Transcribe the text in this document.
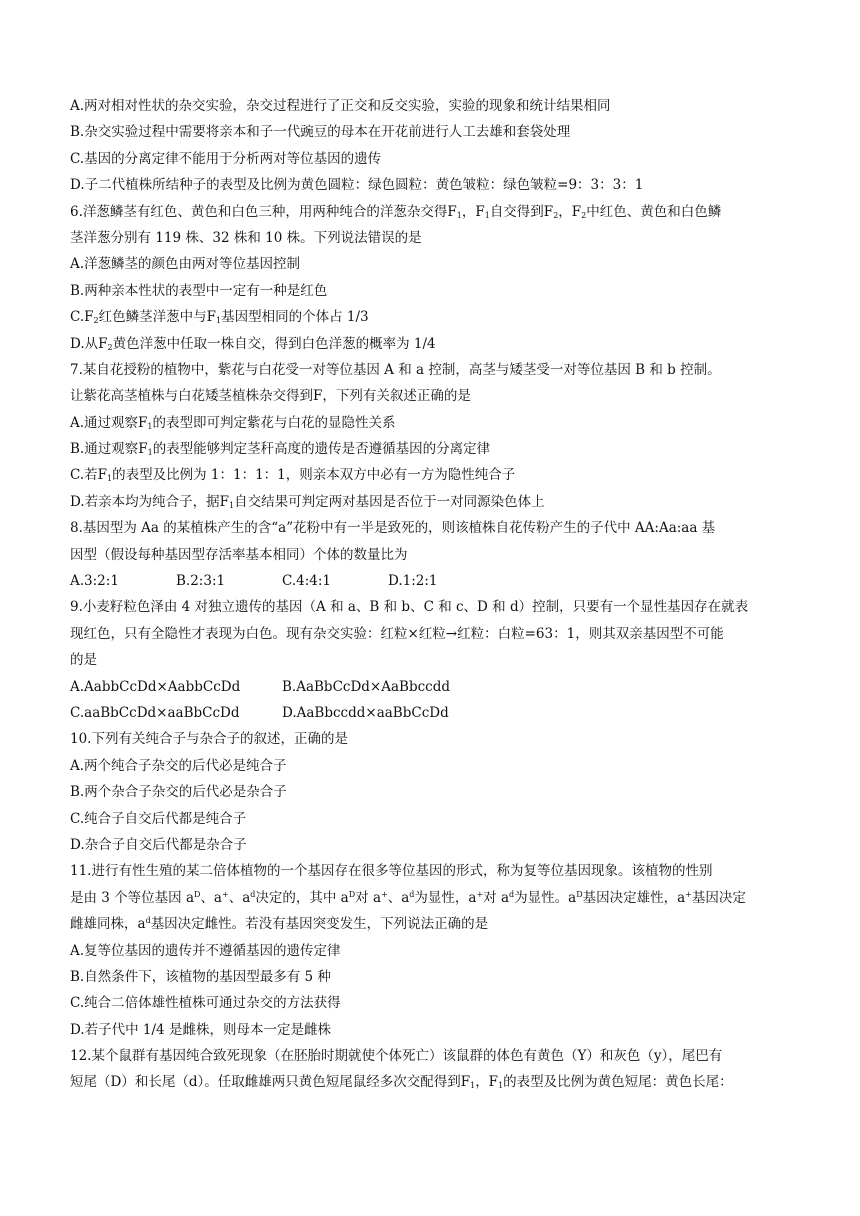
A.两对相对性状的杂交实验，杂交过程进行了正交和反交实验，实验的现象和统计结果相同
B.杂交实验过程中需要将亲本和子一代豌豆的母本在开花前进行人工去雄和套袋处理
C.基因的分离定律不能用于分析两对等位基因的遗传
D.子二代植株所结种子的表型及比例为黄色圆粒：绿色圆粒：黄色皱粒：绿色皱粒=9：3：3：1
6.洋葱鳞茎有红色、黄色和白色三种，用两种纯合的洋葱杂交得$F_1$，$F_1$自交得到$F_2$，$F_2$中红色、黄色和白色鳞
茎洋葱分别有 119 株、32 株和 10 株。下列说法错误的是
A.洋葱鳞茎的颜色由两对等位基因控制
B.两种亲本性状的表型中一定有一种是红色
$C.F_2$红色鳞茎洋葱中与$F_1$基因型相同的个体占 1/3
D.从$F_2$黄色洋葱中任取一株自交，得到白色洋葱的概率为 1/4
7.某自花授粉的植物中，紫花与白花受一对等位基因 A 和 a 控制，高茎与矮茎受一对等位基因 B 和 b 控制。
让紫花高茎植株与白花矮茎植株杂交得到F，下列有关叙述正确的是
A.通过观察$F_1$的表型即可判定紫花与白花的显隐性关系
B.通过观察$F_1$的表型能够判定茎秆高度的遗传是否遵循基因的分离定律
C.若$F_1$的表型及比例为 1：1：1：1，则亲本双方中必有一方为隐性纯合子
D.若亲本均为纯合子，据$F_1$自交结果可判定两对基因是否位于一对同源染色体上
8.基因型为 Aa 的某植株产生的含“a”花粉中有一半是致死的，则该植株自花传粉产生的子代中 AA:Aa:aa 基
因型（假设每种基因型存活率基本相同）个体的数量比为
A.3:2:1	B.2:3:1	C.4:4:1	D.1:2:1
9.小麦籽粒色泽由 4 对独立遗传的基因（A 和 a、B 和 b、C 和 c、D 和 d）控制，只要有一个显性基因存在就表
现红色，只有全隐性才表现为白色。现有杂交实验：红粒×红粒→红粒：白粒=63：1，则其双亲基因型不可能
的是
A.AabbCcDd×AabbCcDd	B.AaBbCcDd×AaBbccdd
C.aaBbCcDd×aaBbCcDd	D.AaBbccdd×aaBbCcDd
10.下列有关纯合子与杂合子的叙述，正确的是
A.两个纯合子杂交的后代必是纯合子
B.两个杂合子杂交的后代必是杂合子
C.纯合子自交后代都是纯合子
D.杂合子自交后代都是杂合子
11.进行有性生殖的某二倍体植物的一个基因存在很多等位基因的形式，称为复等位基因现象。该植物的性别
是由 3 个等位基因 $a^D$、a+、$a^d$决定的，其中 $a^D$对 a+、$a^d$为显性，a+对 $a^d$为显性。$a^D$基因决定雄性，a+基因决定
雌雄同株，$a^d$基因决定雌性。若没有基因突变发生，下列说法正确的是
A.复等位基因的遗传并不遵循基因的遗传定律
B.自然条件下，该植物的基因型最多有 5 种
C.纯合二倍体雄性植株可通过杂交的方法获得
D.若子代中 1/4 是雌株，则母本一定是雌株
12.某个鼠群有基因纯合致死现象（在胚胎时期就使个体死亡）该鼠群的体色有黄色（Y）和灰色（y），尾巴有
短尾（D）和长尾（d）。任取雌雄两只黄色短尾鼠经多次交配得到$F_1$，$F_1$的表型及比例为黄色短尾：黄色长尾：
